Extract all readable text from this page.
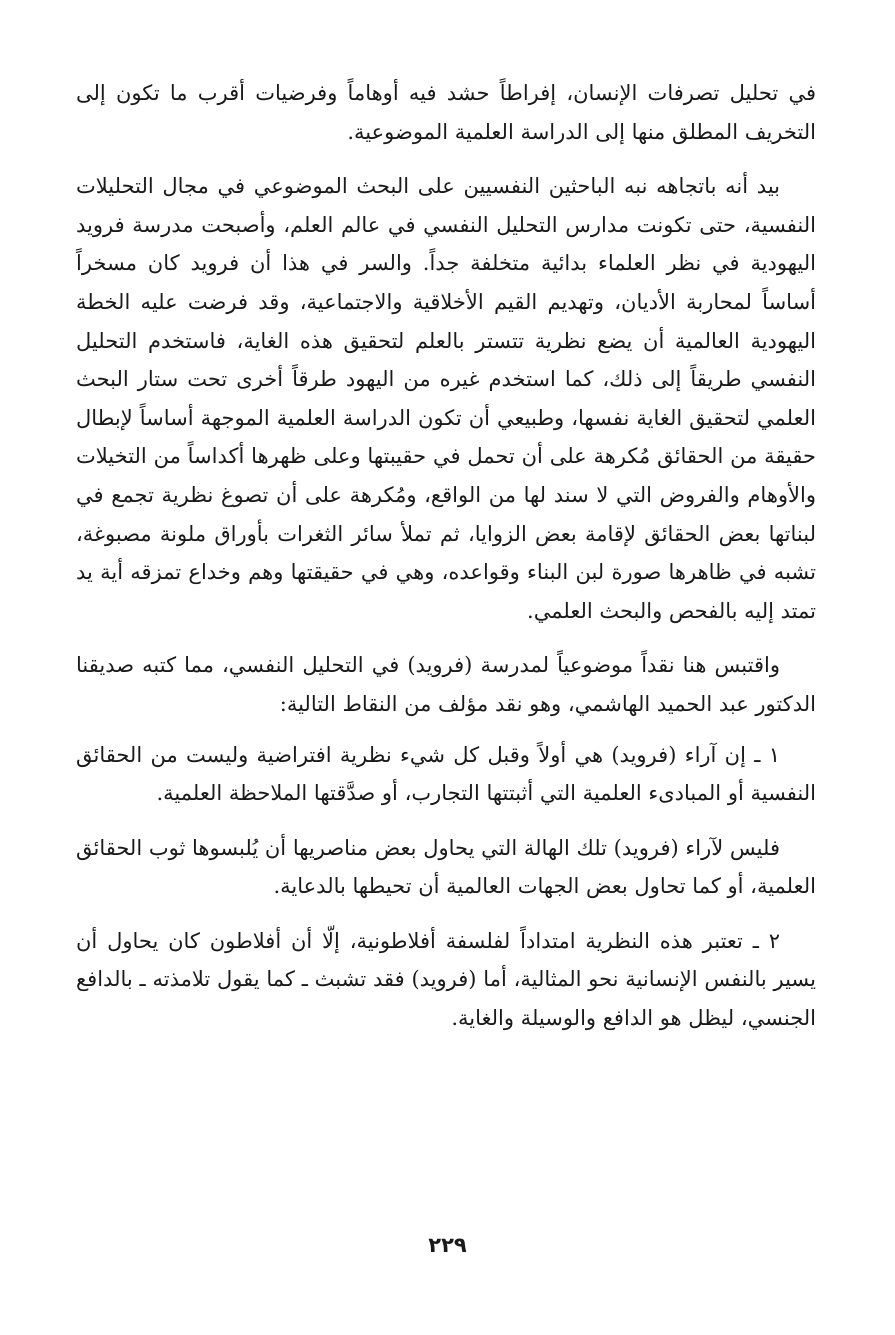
في تحليل تصرفات الإنسان، إفراطاً حشد فيه أوهاماً وفرضيات أقرب ما تكون إلى التخريف المطلق منها إلى الدراسة العلمية الموضوعية.

بيد أنه باتجاهه نبه الباحثين النفسيين على البحث الموضوعي في مجال التحليلات النفسية، حتى تكونت مدارس التحليل النفسي في عالم العلم، وأصبحت مدرسة فرويد اليهودية في نظر العلماء بدائية متخلفة جداً. والسر في هذا أن فرويد كان مسخراً أساساً لمحاربة الأديان، وتهديم القيم الأخلاقية والاجتماعية، وقد فرضت عليه الخطة اليهودية العالمية أن يضع نظرية تتستر بالعلم لتحقيق هذه الغاية، فاستخدم التحليل النفسي طريقاً إلى ذلك، كما استخدم غيره من اليهود طرقاً أخرى تحت ستار البحث العلمي لتحقيق الغاية نفسها، وطبيعي أن تكون الدراسة العلمية الموجهة أساساً لإبطال حقيقة من الحقائق مُكرهة على أن تحمل في حقيبتها وعلى ظهرها أكداساً من التخيلات والأوهام والفروض التي لا سند لها من الواقع، ومُكرهة على أن تصوغ نظرية تجمع في لبناتها بعض الحقائق لإقامة بعض الزوايا، ثم تملأ سائر الثغرات بأوراق ملونة مصبوغة، تشبه في ظاهرها صورة لبن البناء وقواعده، وهي في حقيقتها وهم وخداع تمزقه أية يد تمتد إليه بالفحص والبحث العلمي.

واقتبس هنا نقداً موضوعياً لمدرسة (فرويد) في التحليل النفسي، مما كتبه صديقنا الدكتور عبد الحميد الهاشمي، وهو نقد مؤلف من النقاط التالية:

١ ـ إن آراء (فرويد) هي أولاً وقبل كل شيء نظرية افتراضية وليست من الحقائق النفسية أو المبادىء العلمية التي أثبتتها التجارب، أو صدَّقتها الملاحظة العلمية.

فليس لآراء (فرويد) تلك الهالة التي يحاول بعض مناصريها أن يُلبسوها ثوب الحقائق العلمية، أو كما تحاول بعض الجهات العالمية أن تحيطها بالدعاية.

٢ ـ تعتبر هذه النظرية امتداداً لفلسفة أفلاطونية، إلّا أن أفلاطون كان يحاول أن يسير بالنفس الإنسانية نحو المثالية، أما (فرويد) فقد تشبث ـ كما يقول تلامذته ـ بالدافع الجنسي، ليظل هو الدافع والوسيلة والغاية.

٢٢٩
